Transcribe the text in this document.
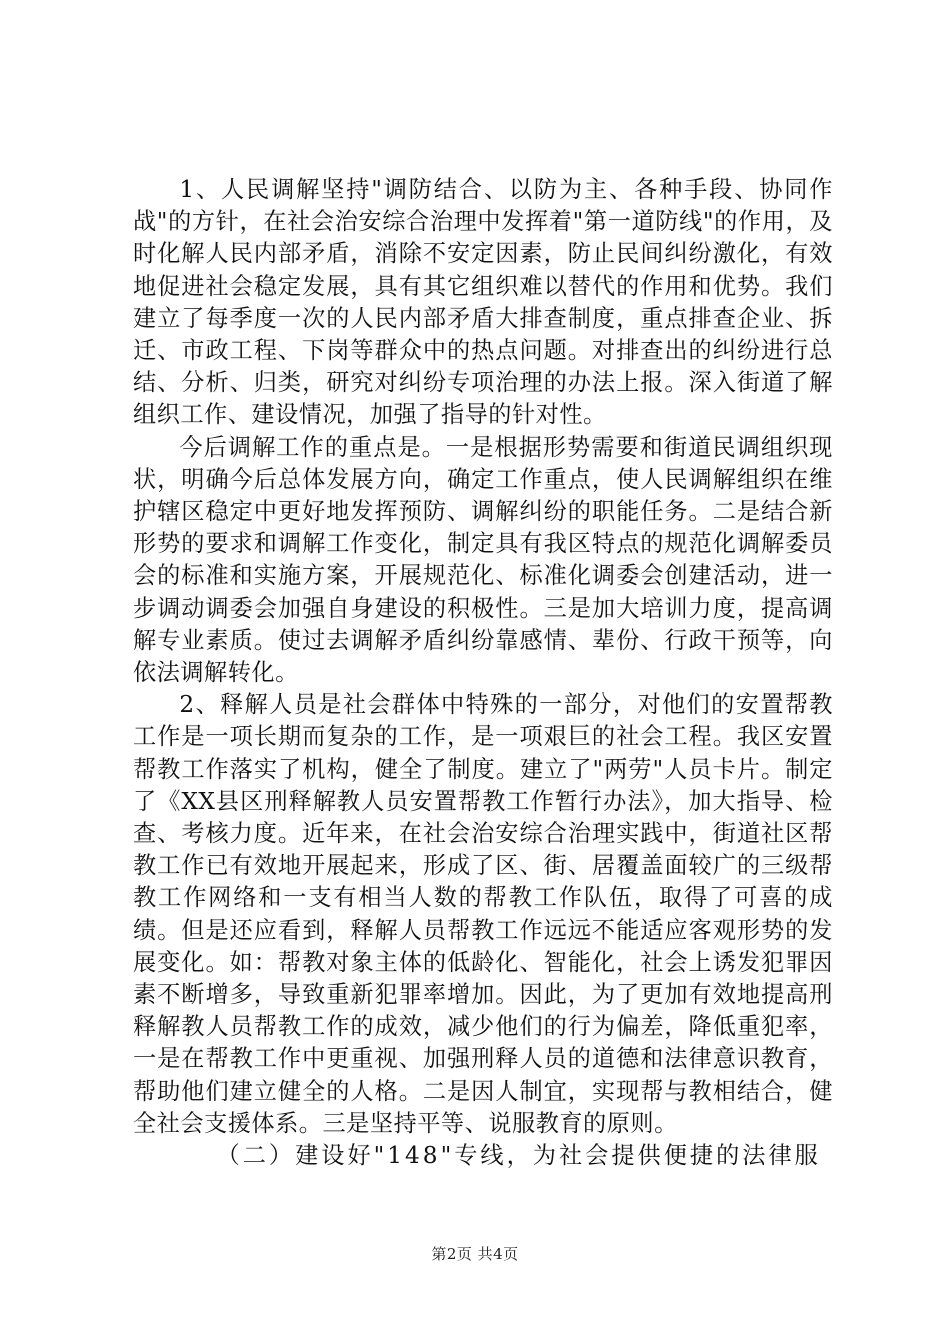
1、人民调解坚持"调防结合、以防为主、各种手段、协同作战"的方针，在社会治安综合治理中发挥着"第一道防线"的作用，及时化解人民内部矛盾，消除不安定因素，防止民间纠纷激化，有效地促进社会稳定发展，具有其它组织难以替代的作用和优势。我们建立了每季度一次的人民内部矛盾大排查制度，重点排查企业、拆迁、市政工程、下岗等群众中的热点问题。对排查出的纠纷进行总结、分析、归类，研究对纠纷专项治理的办法上报。深入街道了解组织工作、建设情况，加强了指导的针对性。

今后调解工作的重点是。一是根据形势需要和街道民调组织现状，明确今后总体发展方向，确定工作重点，使人民调解组织在维护辖区稳定中更好地发挥预防、调解纠纷的职能任务。二是结合新形势的要求和调解工作变化，制定具有我区特点的规范化调解委员会的标准和实施方案，开展规范化、标准化调委会创建活动，进一步调动调委会加强自身建设的积极性。三是加大培训力度，提高调解专业素质。使过去调解矛盾纠纷靠感情、辈份、行政干预等，向依法调解转化。

2、释解人员是社会群体中特殊的一部分，对他们的安置帮教工作是一项长期而复杂的工作，是一项艰巨的社会工程。我区安置帮教工作落实了机构，健全了制度。建立了"两劳"人员卡片。制定了《XX县区刑释解教人员安置帮教工作暂行办法》，加大指导、检查、考核力度。近年来，在社会治安综合治理实践中，街道社区帮教工作已有效地开展起来，形成了区、街、居覆盖面较广的三级帮教工作网络和一支有相当人数的帮教工作队伍，取得了可喜的成绩。但是还应看到，释解人员帮教工作远远不能适应客观形势的发展变化。如：帮教对象主体的低龄化、智能化，社会上诱发犯罪因素不断增多，导致重新犯罪率增加。因此，为了更加有效地提高刑释解教人员帮教工作的成效，减少他们的行为偏差，降低重犯率，一是在帮教工作中更重视、加强刑释人员的道德和法律意识教育，帮助他们建立健全的人格。二是因人制宜，实现帮与教相结合，健全社会支援体系。三是坚持平等、说服教育的原则。

（二）建设好"148"专线，为社会提供便捷的法律服

第2页 共4页
